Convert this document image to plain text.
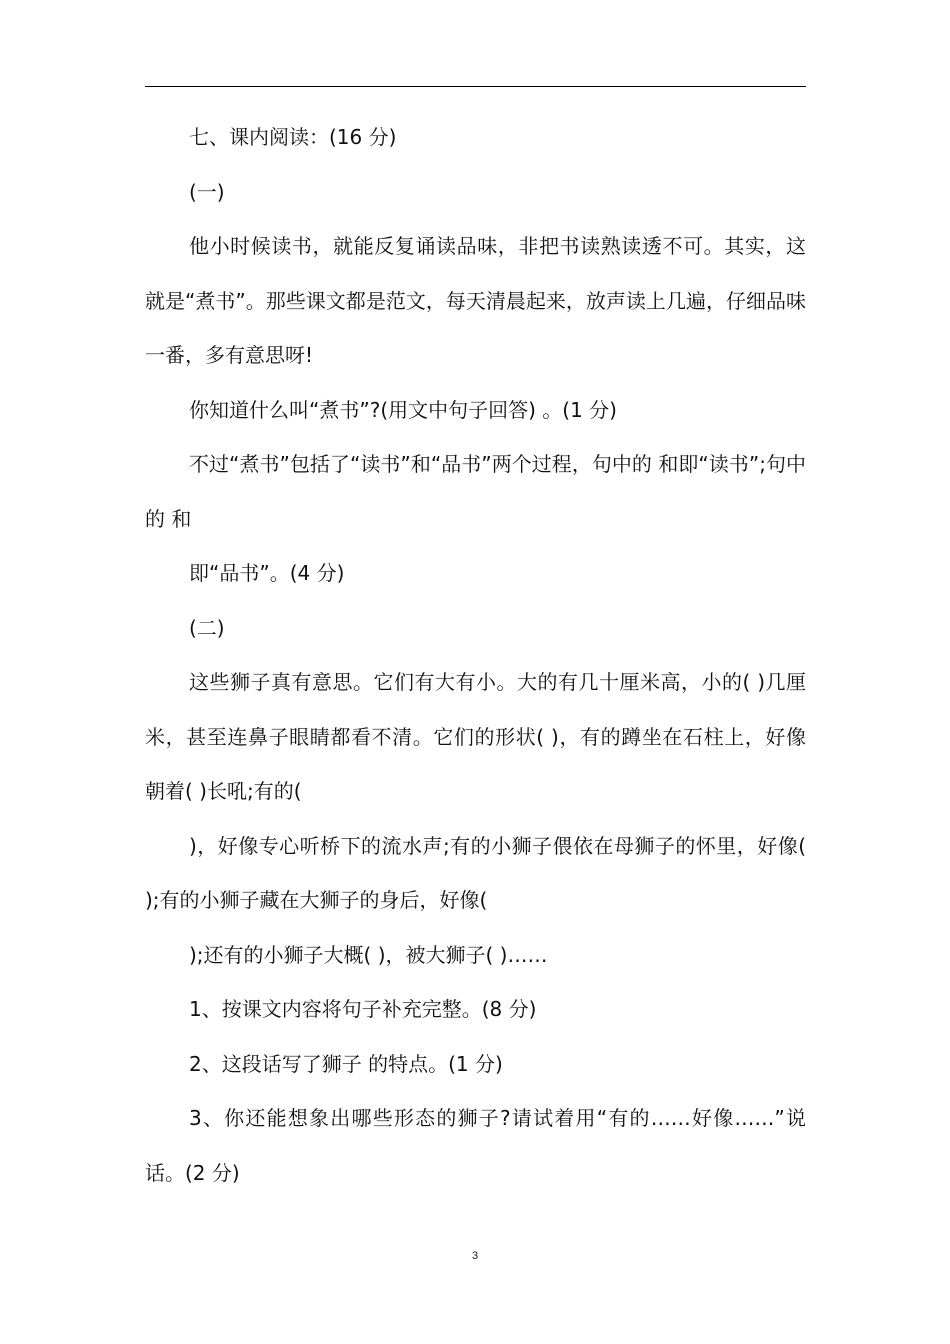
七、课内阅读：(16 分)

(一)

他小时候读书，就能反复诵读品味，非把书读熟读透不可。其实，这就是“煮书”。那些课文都是范文，每天清晨起来，放声读上几遍，仔细品味一番，多有意思呀!

你知道什么叫“煮书”?(用文中句子回答) 。(1 分)

不过“煮书”包括了“读书”和“品书”两个过程，句中的 和即“读书”;句中的 和

即“品书”。(4 分)

(二)

这些狮子真有意思。它们有大有小。大的有几十厘米高，小的( )几厘米，甚至连鼻子眼睛都看不清。它们的形状( )，有的蹲坐在石柱上，好像朝着( )长吼;有的(

)，好像专心听桥下的流水声;有的小狮子偎依在母狮子的怀里，好像( );有的小狮子藏在大狮子的身后，好像(

);还有的小狮子大概( )，被大狮子( )……

1、按课文内容将句子补充完整。(8 分)

2、这段话写了狮子 的特点。(1 分)

3、你还能想象出哪些形态的狮子?请试着用“有的……好像……”说话。(2 分)

3
